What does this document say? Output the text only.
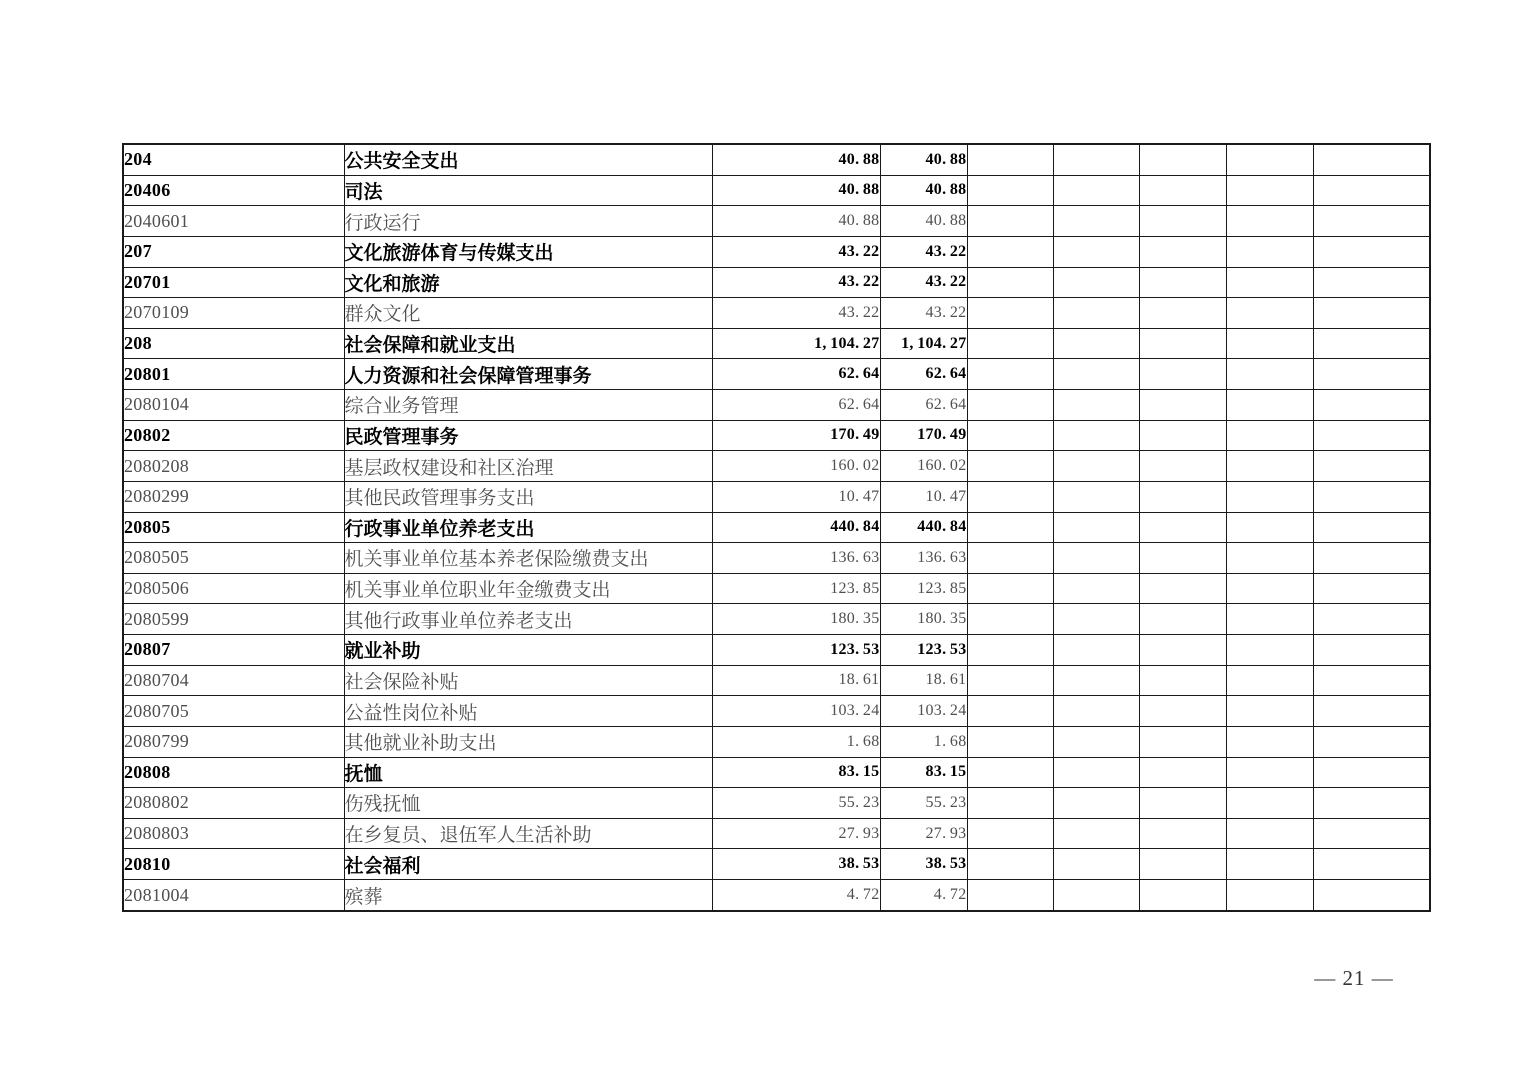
204	公共安全支出	40. 88	40. 88					
20406	司法	40. 88	40. 88					
2040601	行政运行	40. 88	40. 88					
207	文化旅游体育与传媒支出	43. 22	43. 22					
20701	文化和旅游	43. 22	43. 22					
2070109	群众文化	43. 22	43. 22					
208	社会保障和就业支出	1, 104. 27	1, 104. 27					
20801	人力资源和社会保障管理事务	62. 64	62. 64					
2080104	综合业务管理	62. 64	62. 64					
20802	民政管理事务	170. 49	170. 49					
2080208	基层政权建设和社区治理	160. 02	160. 02					
2080299	其他民政管理事务支出	10. 47	10. 47					
20805	行政事业单位养老支出	440. 84	440. 84					
2080505	机关事业单位基本养老保险缴费支出	136. 63	136. 63					
2080506	机关事业单位职业年金缴费支出	123. 85	123. 85					
2080599	其他行政事业单位养老支出	180. 35	180. 35					
20807	就业补助	123. 53	123. 53					
2080704	社会保险补贴	18. 61	18. 61					
2080705	公益性岗位补贴	103. 24	103. 24					
2080799	其他就业补助支出	1. 68	1. 68					
20808	抚恤	83. 15	83. 15					
2080802	伤残抚恤	55. 23	55. 23					
2080803	在乡复员、退伍军人生活补助	27. 93	27. 93					
20810	社会福利	38. 53	38. 53					
2081004	殡葬	4. 72	4. 72					
— 21 —
